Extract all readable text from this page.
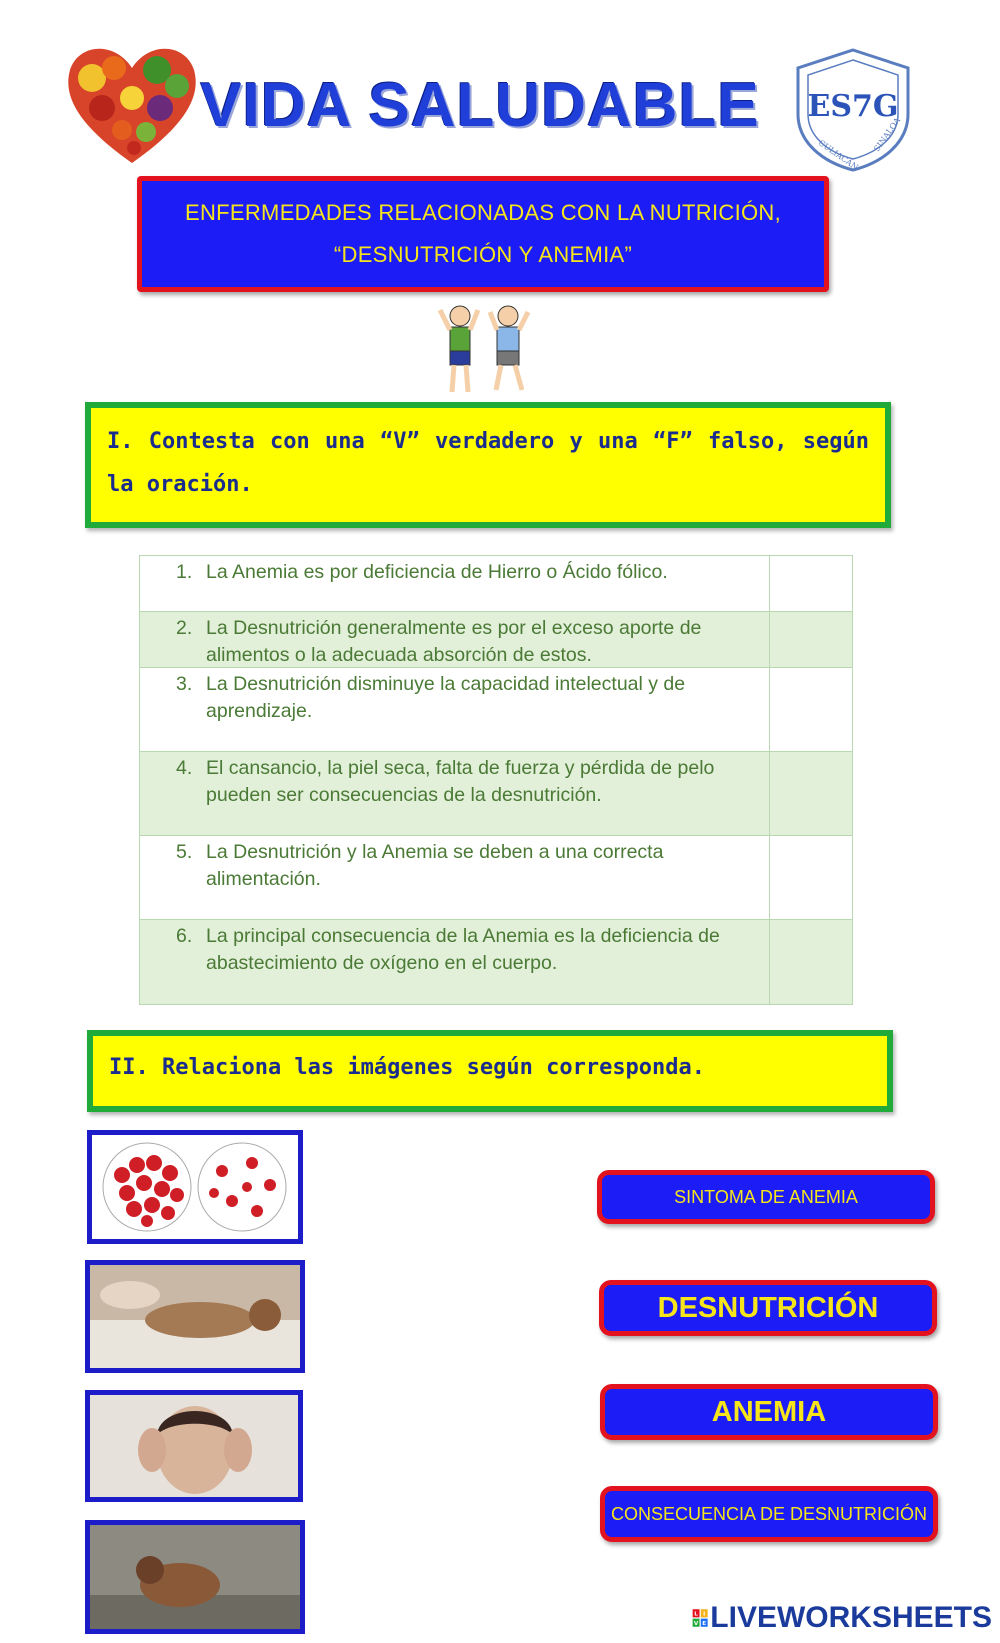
VIDA SALUDABLE ES7G
CULIACÁN
SINALOA
ENFERMEDADES RELACIONADAS CON LA NUTRICIÓN,
“DESNUTRICIÓN Y ANEMIA”
I. Contesta con una “V” verdadero y una “F” falso, según la oración.
1. La Anemia es por deficiencia de Hierro o Ácido fólico.
2. La Desnutrición generalmente es por el exceso aporte de alimentos o la adecuada absorción de estos.
3. La Desnutrición disminuye la capacidad intelectual y de aprendizaje.
4. El cansancio, la piel seca, falta de fuerza y pérdida de pelo pueden ser consecuencias de la desnutrición.
5. La Desnutrición y la Anemia se deben a una correcta alimentación.
6. La principal consecuencia de la Anemia es la deficiencia de abastecimiento de oxígeno en el cuerpo.
II. Relaciona las imágenes según corresponda.
SINTOMA DE ANEMIA
DESNUTRICIÓN
ANEMIA
CONSECUENCIA DE DESNUTRICIÓN
L I
V E LIVEWORKSHEETS
